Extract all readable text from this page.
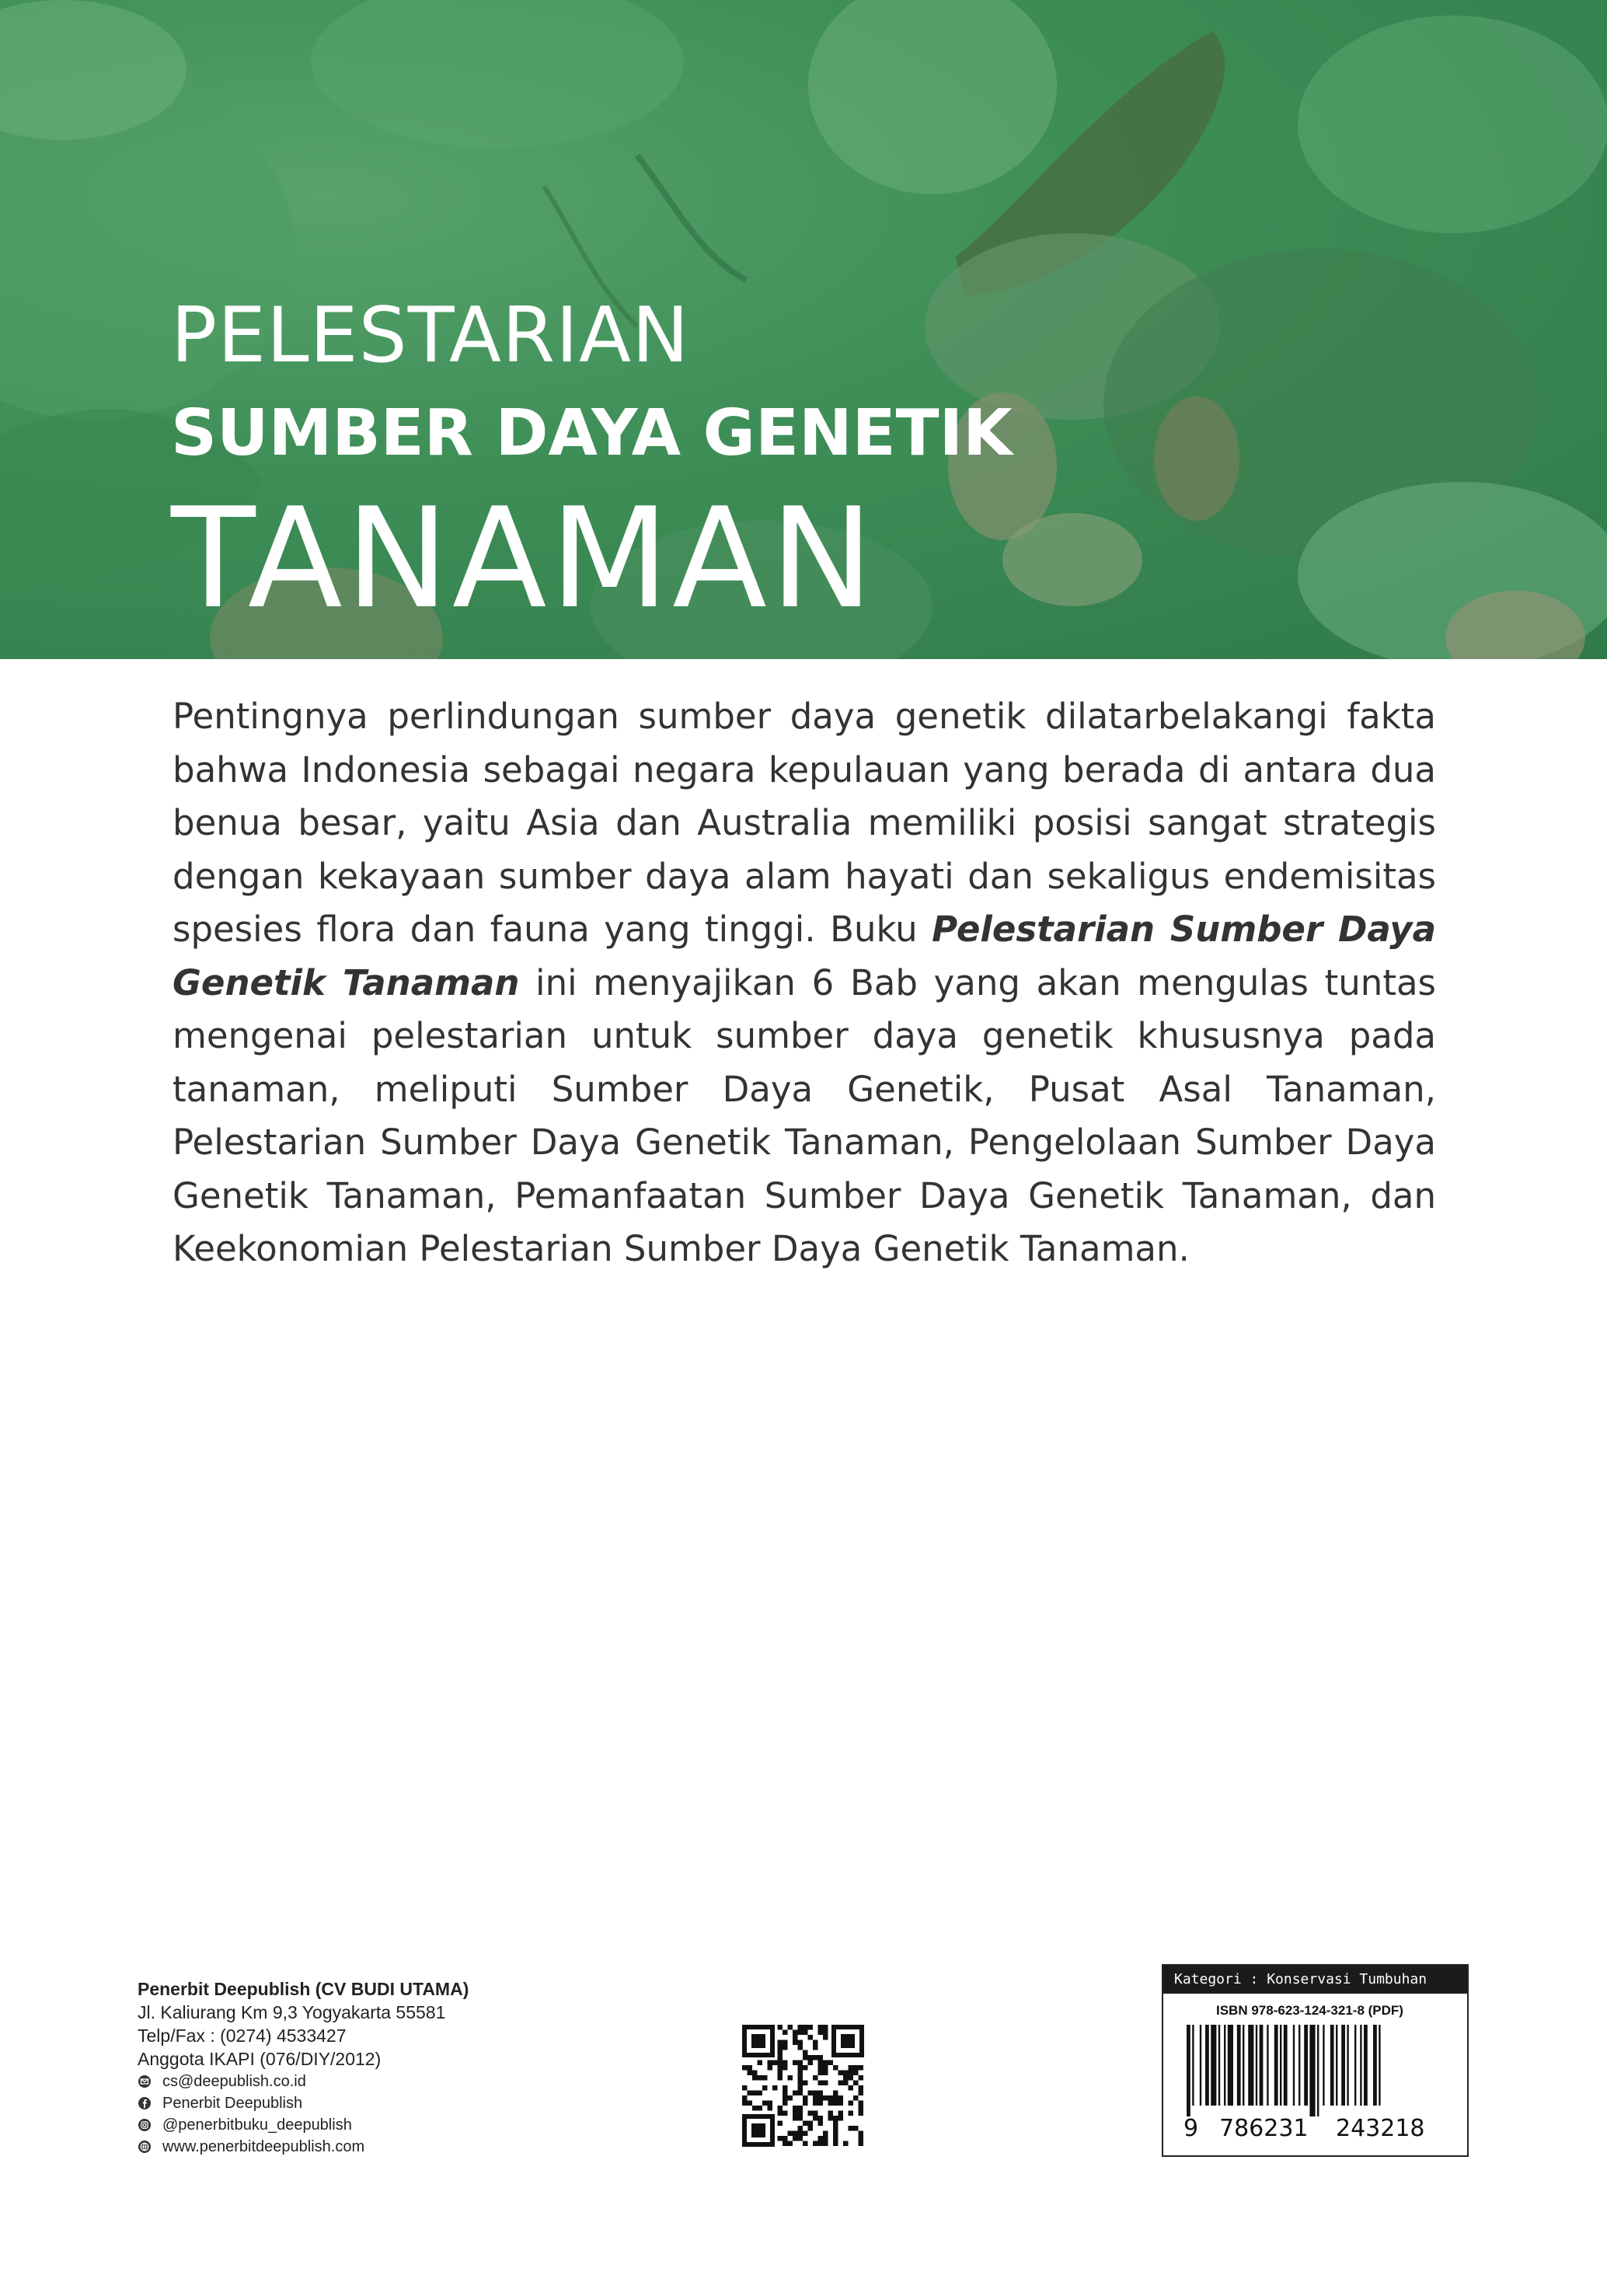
PELESTARIAN
SUMBER DAYA GENETIK
TANAMAN

Pentingnya perlindungan sumber daya genetik dilatarbelakangi fakta bahwa Indonesia sebagai negara kepulauan yang berada di antara dua benua besar, yaitu Asia dan Australia memiliki posisi sangat strategis dengan kekayaan sumber daya alam hayati dan sekaligus endemisitas spesies flora dan fauna yang tinggi. Buku Pelestarian Sumber Daya Genetik Tanaman ini menyajikan 6 Bab yang akan mengulas tuntas mengenai pelestarian untuk sumber daya genetik khususnya pada tanaman, meliputi Sumber Daya Genetik, Pusat Asal Tanaman, Pelestarian Sumber Daya Genetik Tanaman, Pengelolaan Sumber Daya Genetik Tanaman, Pemanfaatan Sumber Daya Genetik Tanaman, dan Keekonomian Pelestarian Sumber Daya Genetik Tanaman.

Penerbit Deepublish (CV BUDI UTAMA)
Jl. Kaliurang Km 9,3 Yogyakarta 55581
Telp/Fax : (0274) 4533427
Anggota IKAPI (076/DIY/2012)
cs@deepublish.co.id
Penerbit Deepublish
@penerbitbuku_deepublish
www.penerbitdeepublish.com
Kategori : Konservasi Tumbuhan
ISBN 978-623-124-321-8 (PDF)
9 786231 243218
